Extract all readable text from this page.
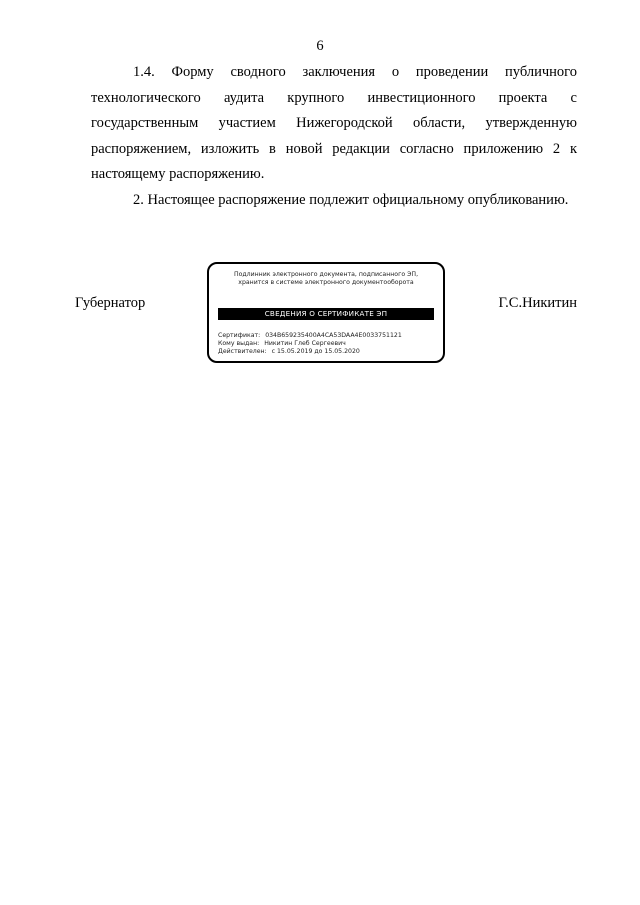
6

1.4. Форму сводного заключения о проведении публичного технологического аудита крупного инвестиционного проекта с государственным участием Нижегородской области, утвержденную распоряжением, изложить в новой редакции согласно приложению 2 к настоящему распоряжению.

2. Настоящее распоряжение подлежит официальному опубликованию.

Губернатор
Подлинник электронного документа, подписанного ЭП,
хранится в системе электронного документооборота
СВЕДЕНИЯ О СЕРТИФИКАТЕ ЭП
Сертификат: 034B659235400A4CA53DAA4E0033751121
Кому выдан: Никитин Глеб Сергеевич
Действителен: с 15.05.2019 до 15.05.2020
Г.С.Никитин
